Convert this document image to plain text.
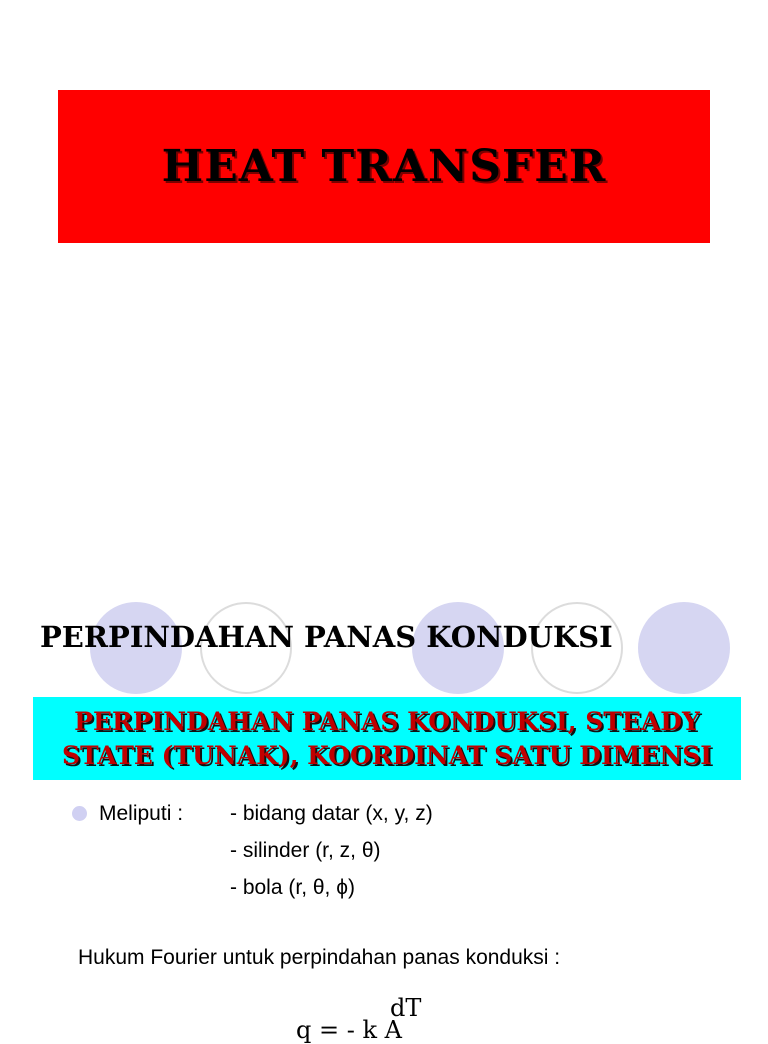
HEAT TRANSFER
PERPINDAHAN PANAS KONDUKSI
PERPINDAHAN PANAS KONDUKSI, STEADY
STATE (TUNAK), KOORDINAT SATU DIMENSI
Meliputi :	- bidang datar (x, y, z)
- silinder (r, z, θ)
- bola (r, θ, ϕ)
Hukum Fourier untuk perpindahan panas konduksi :
q = - k A
dT
